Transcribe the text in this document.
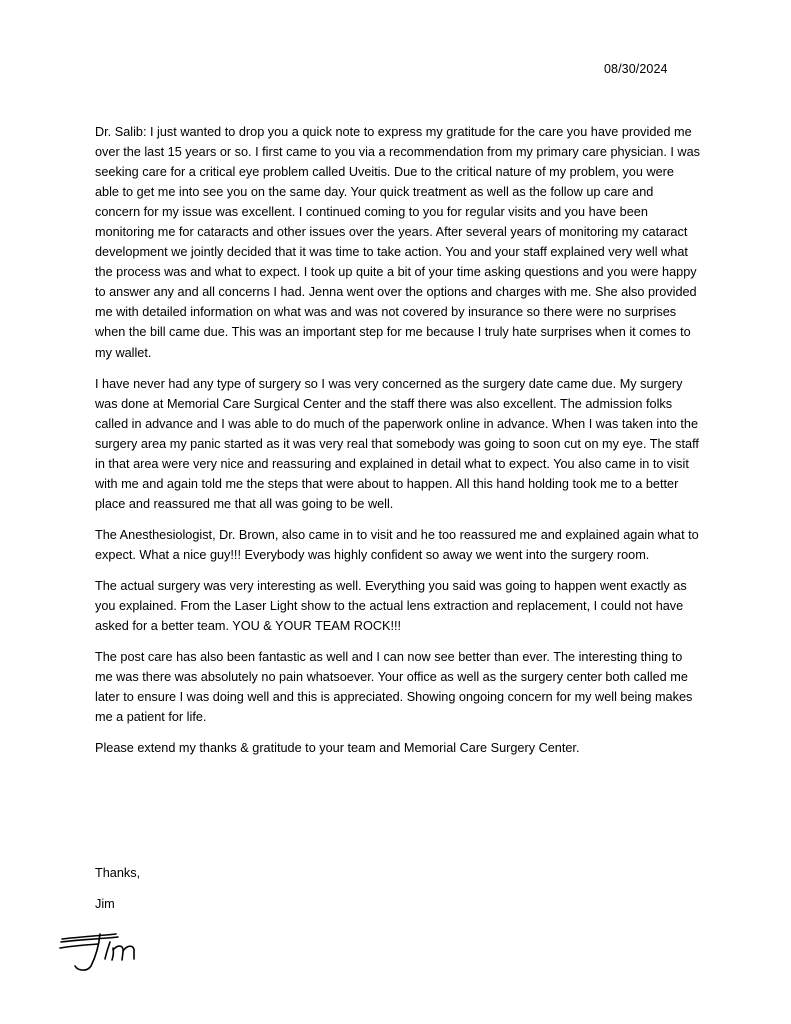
08/30/2024

Dr. Salib: I just wanted to drop you a quick note to express my gratitude for the care you have provided me over the last 15 years or so. I first came to you via a recommendation from my primary care physician. I was seeking care for a critical eye problem called Uveitis. Due to the critical nature of my problem, you were able to get me into see you on the same day. Your quick treatment as well as the follow up care and concern for my issue was excellent. I continued coming to you for regular visits and you have been monitoring me for cataracts and other issues over the years. After several years of monitoring my cataract development we jointly decided that it was time to take action. You and your staff explained very well what the process was and what to expect. I took up quite a bit of your time asking questions and you were happy to answer any and all concerns I had. Jenna went over the options and charges with me. She also provided me with detailed information on what was and was not covered by insurance so there were no surprises when the bill came due. This was an important step for me because I truly hate surprises when it comes to my wallet.

I have never had any type of surgery so I was very concerned as the surgery date came due. My surgery was done at Memorial Care Surgical Center and the staff there was also excellent. The admission folks called in advance and I was able to do much of the paperwork online in advance. When I was taken into the surgery area my panic started as it was very real that somebody was going to soon cut on my eye. The staff in that area were very nice and reassuring and explained in detail what to expect. You also came in to visit with me and again told me the steps that were about to happen. All this hand holding took me to a better place and reassured me that all was going to be well.

The Anesthesiologist, Dr. Brown, also came in to visit and he too reassured me and explained again what to expect. What a nice guy!!! Everybody was highly confident so away we went into the surgery room.

The actual surgery was very interesting as well. Everything you said was going to happen went exactly as you explained. From the Laser Light show to the actual lens extraction and replacement, I could not have asked for a better team. YOU & YOUR TEAM ROCK!!!

The post care has also been fantastic as well and I can now see better than ever. The interesting thing to me was there was absolutely no pain whatsoever. Your office as well as the surgery center both called me later to ensure I was doing well and this is appreciated. Showing ongoing concern for my well being makes me a patient for life.

Please extend my thanks & gratitude to your team and Memorial Care Surgery Center.

Thanks,
Jim
